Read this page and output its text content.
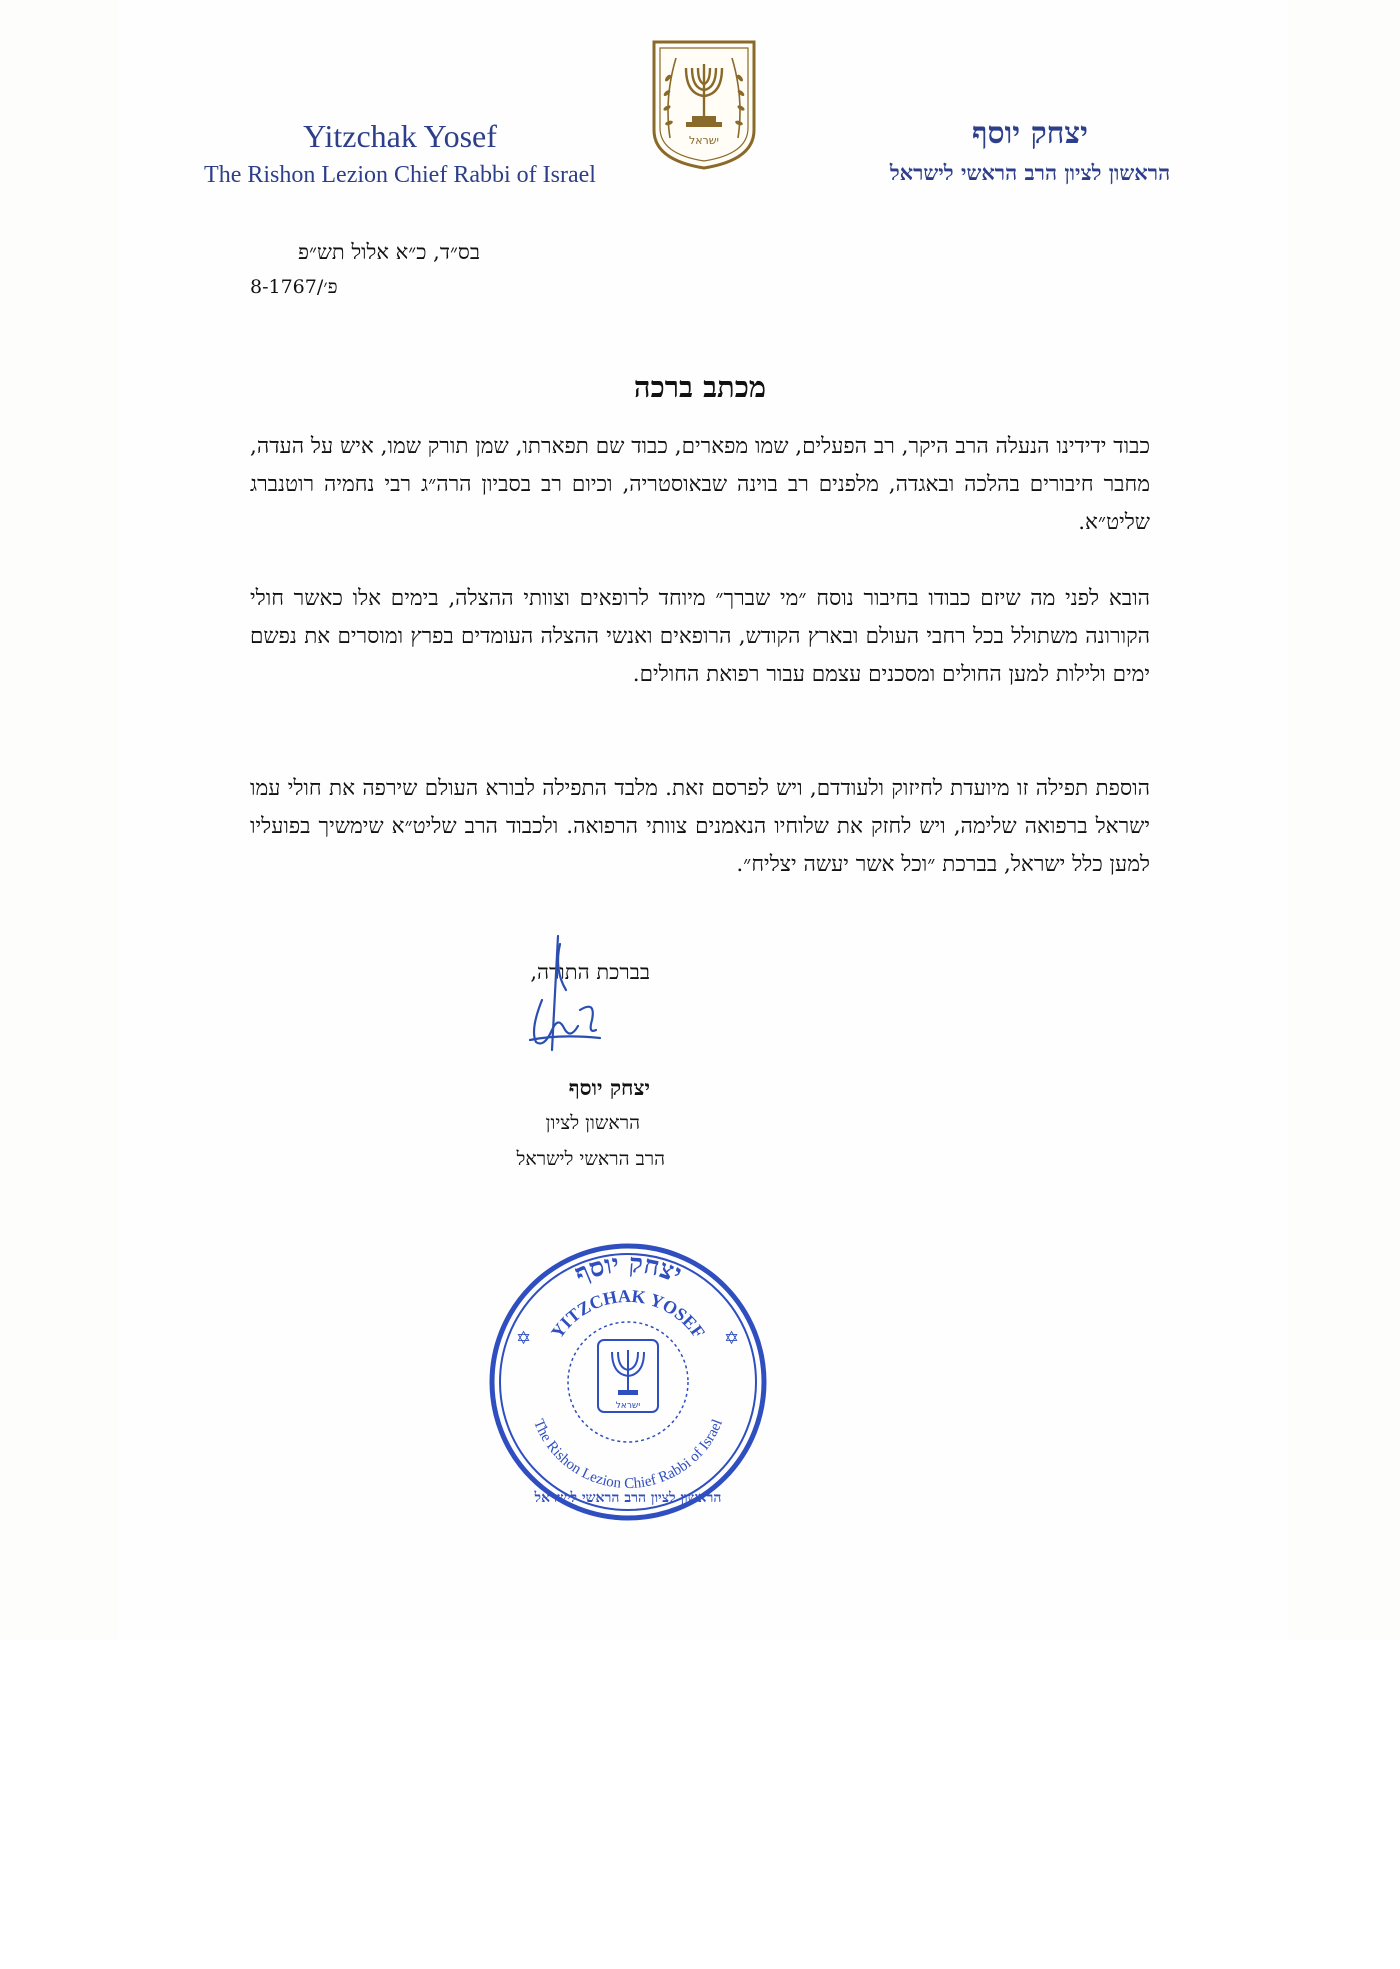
Yitzchak Yosef
The Rishon Lezion Chief Rabbi of Israel
יצחק יוסף
הראשון לציון הרב הראשי לישראל
ישראל
בס״ד, כ״א אלול תש״פ
8-1767/פ׳
מכתב ברכה
כבוד ידידינו הנעלה הרב היקר, רב הפעלים, שמו מפארים, כבוד שם תפארתו, שמן תורק שמו, איש על העדה, מחבר חיבורים בהלכה ובאגדה, מלפנים רב בוינה שבאוסטריה, וכיום רב בסביון הרה״ג רבי נחמיה רוטנברג שליט״א.
הובא לפני מה שיזם כבודו בחיבור נוסח ״מי שברך״ מיוחד לרופאים וצוותי ההצלה, בימים אלו כאשר חולי הקורונה משתולל בכל רחבי העולם ובארץ הקודש, הרופאים ואנשי ההצלה העומדים בפרץ ומוסרים את נפשם ימים ולילות למען החולים ומסכנים עצמם עבור רפואת החולים.
הוספת תפילה זו מיועדת לחיזוק ולעודדם, ויש לפרסם זאת. מלבד התפילה לבורא העולם שירפה את חולי עמו ישראל ברפואה שלימה, ויש לחזק את שלוחיו הנאמנים צוותי הרפואה. ולכבוד הרב שליט״א שימשיך בפועליו למען כלל ישראל, בברכת ״וכל אשר יעשה יצליח״.
בברכת התורה,
יצחק יוסף
הראשון לציון
הרב הראשי לישראל
יצחק יוסף
YITZCHAK YOSEF
The Rishon Lezion Chief Rabbi of Israel
הראשון לציון הרב הראשי לישראל
✡	✡
ישראל
